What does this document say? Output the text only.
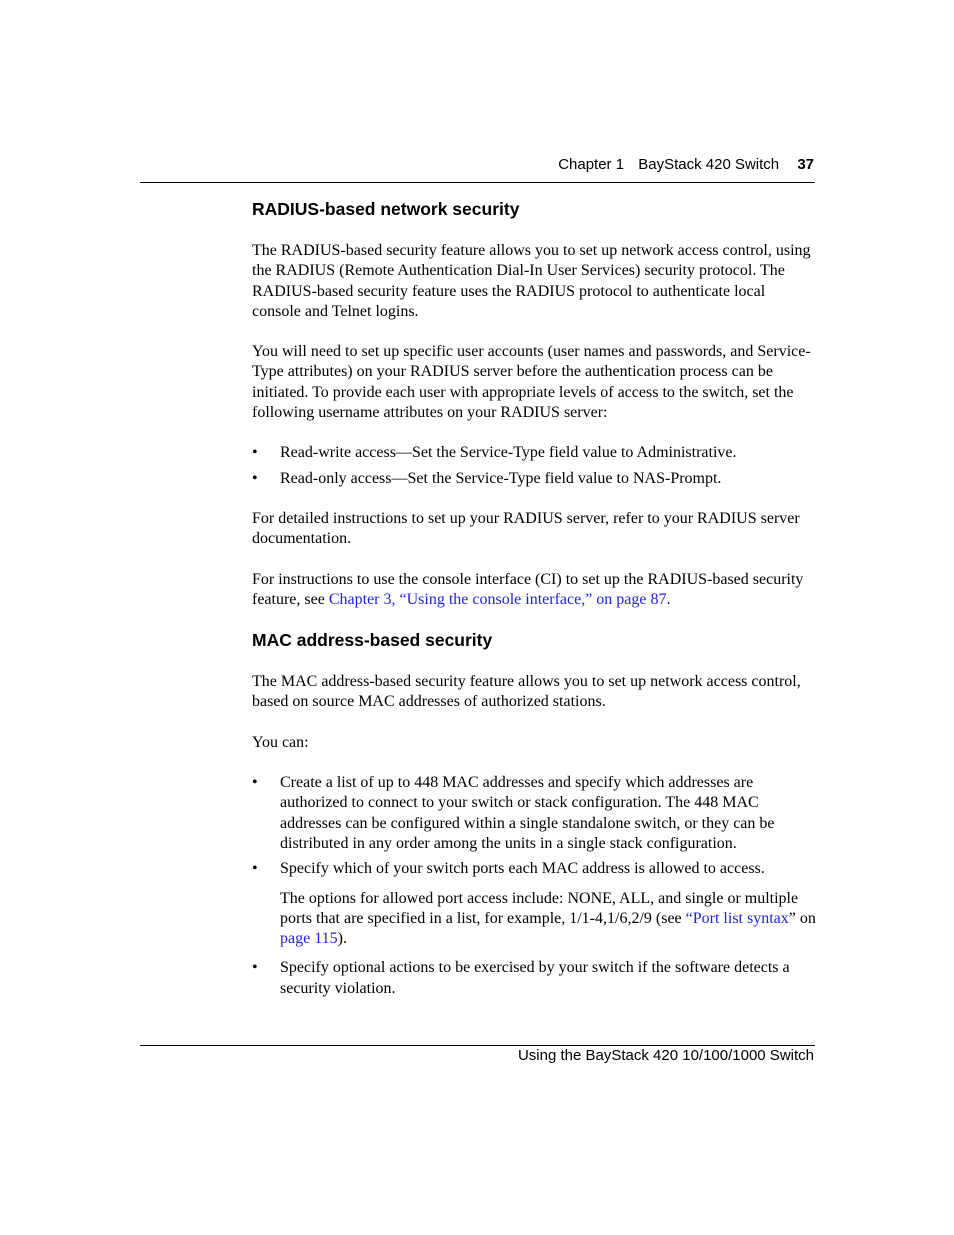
Chapter 1 BayStack 420 Switch 37
RADIUS-based network security

The RADIUS-based security feature allows you to set up network access control, using the RADIUS (Remote Authentication Dial-In User Services) security protocol. The RADIUS-based security feature uses the RADIUS protocol to authenticate local console and Telnet logins.

You will need to set up specific user accounts (user names and passwords, and Service-Type attributes) on your RADIUS server before the authentication process can be initiated. To provide each user with appropriate levels of access to the switch, set the following username attributes on your RADIUS server:

• Read-write access—Set the Service-Type field value to Administrative.
• Read-only access—Set the Service-Type field value to NAS-Prompt.

For detailed instructions to set up your RADIUS server, refer to your RADIUS server documentation.

For instructions to use the console interface (CI) to set up the RADIUS-based security feature, see Chapter 3, “Using the console interface,” on page 87.

MAC address-based security

The MAC address-based security feature allows you to set up network access control, based on source MAC addresses of authorized stations.

You can:

• Create a list of up to 448 MAC addresses and specify which addresses are authorized to connect to your switch or stack configuration. The 448 MAC addresses can be configured within a single standalone switch, or they can be distributed in any order among the units in a single stack configuration.
• Specify which of your switch ports each MAC address is allowed to access.

The options for allowed port access include: NONE, ALL, and single or multiple ports that are specified in a list, for example, 1/1-4,1/6,2/9 (see “Port list syntax” on page 115).

• Specify optional actions to be exercised by your switch if the software detects a security violation.
Using the BayStack 420 10/100/1000 Switch
